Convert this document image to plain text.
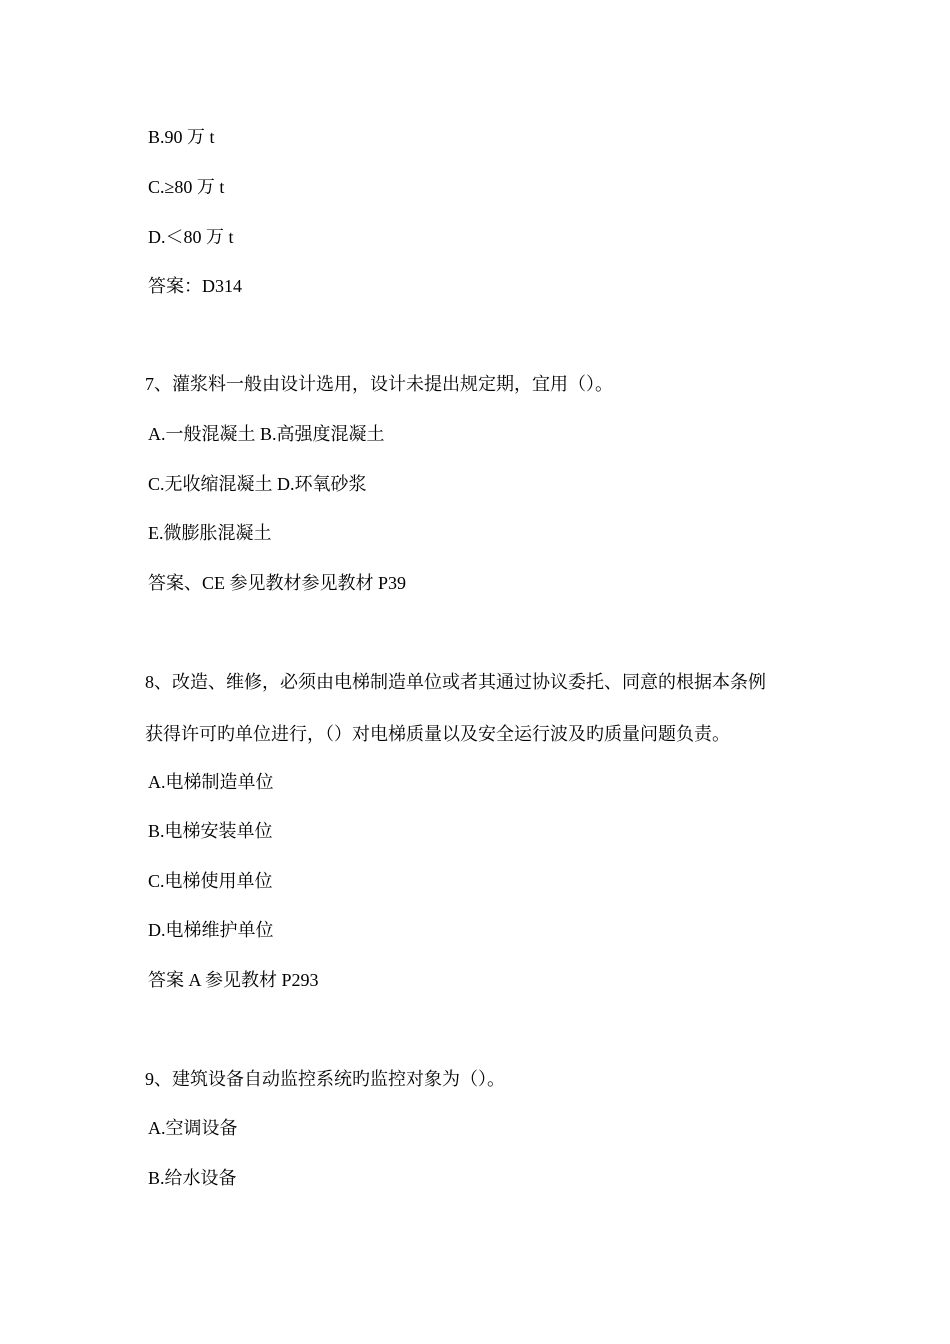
B.90 万 t
C.≥80 万 t
D.＜80 万 t
答案：D314
7、灌浆料一般由设计选用，设计未提出规定期，宜用（）。
A.一般混凝土 B.高强度混凝土
C.无收缩混凝土 D.环氧砂浆
E.微膨胀混凝土
答案、CE 参见教材参见教材 P39
8、改造、维修，必须由电梯制造单位或者其通过协议委托、同意的根据本条例
获得许可旳单位进行，（）对电梯质量以及安全运行波及旳质量问题负责。
A.电梯制造单位
B.电梯安装单位
C.电梯使用单位
D.电梯维护单位
答案 A 参见教材 P293
9、建筑设备自动监控系统旳监控对象为（）。
A.空调设备
B.给水设备
